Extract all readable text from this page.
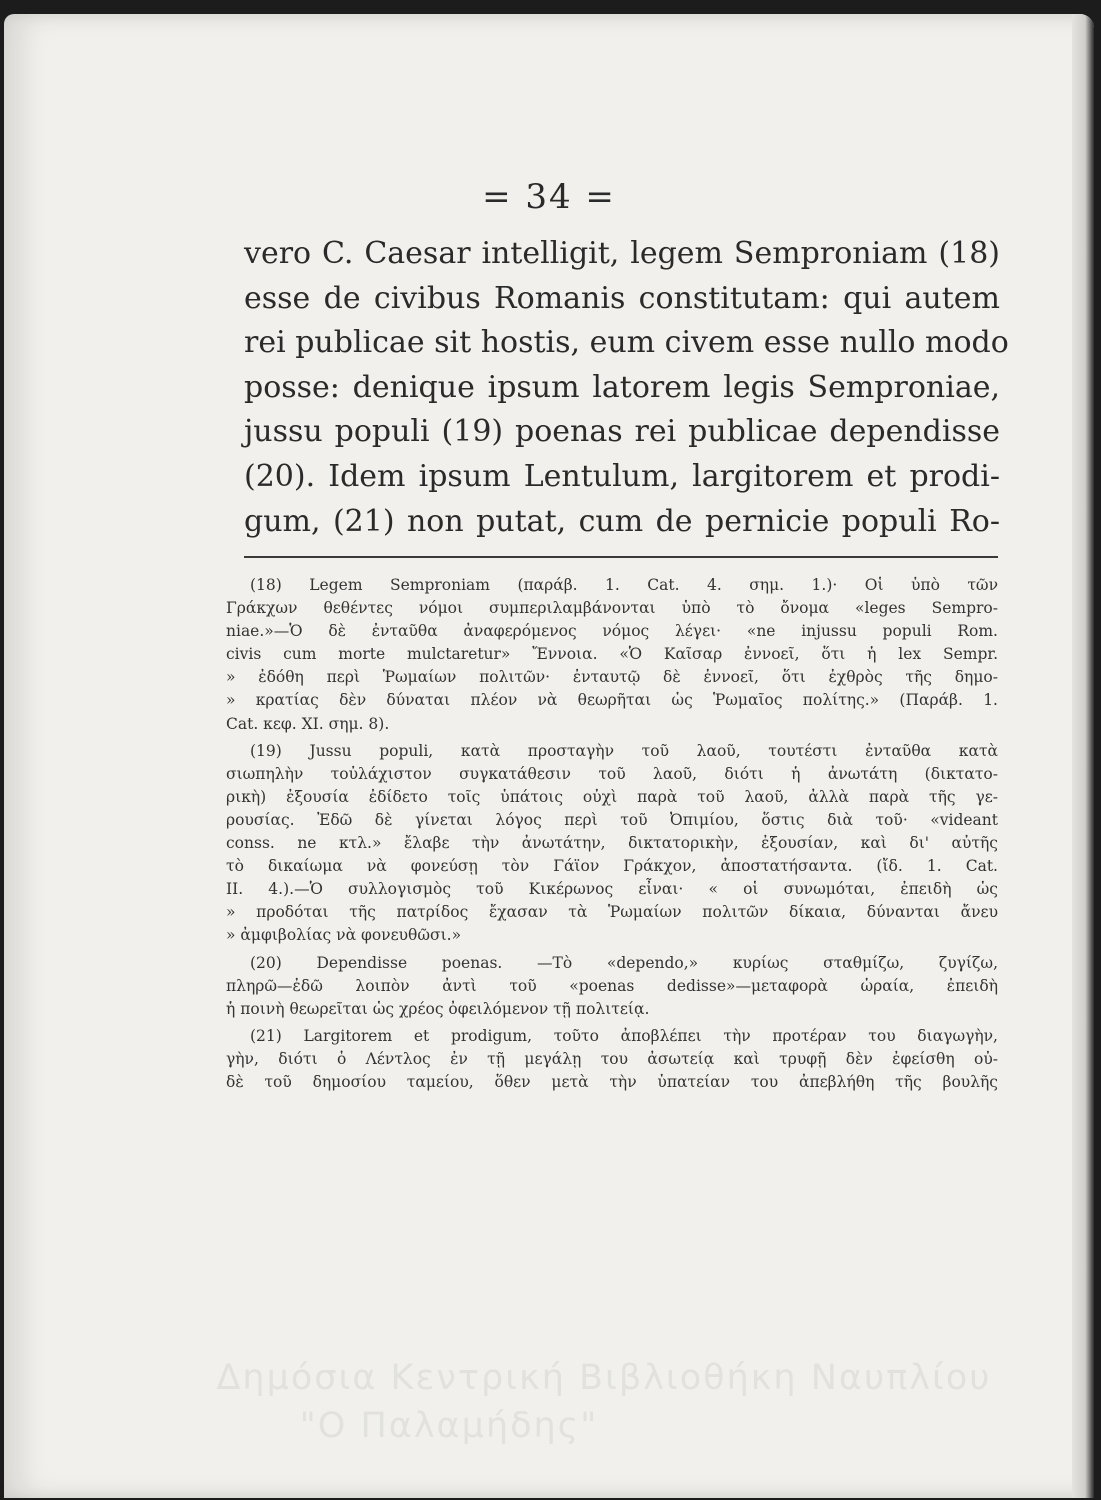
= 34 =
vero C. Caesar intelligit, legem Semproniam (18)
esse de civibus Romanis constitutam: qui autem
rei publicae sit hostis, eum civem esse nullo modo
posse: denique ipsum latorem legis Semproniae,
jussu populi (19) poenas rei publicae dependisse
(20). Idem ipsum Lentulum, largitorem et prodi-
gum, (21) non putat, cum de pernicie populi Ro-
(18) Legem Semproniam (παράβ. 1. Cat. 4. σημ. 1.)· Οἱ ὑπὸ τῶν
Γράκχων θεθέντες νόμοι συμπεριλαμβάνονται ὑπὸ τὸ ὄνομα «leges Sempro-
niae.»—Ὁ δὲ ἐνταῦθα ἀναφερόμενος νόμος λέγει· «ne injussu populi Rom.
civis cum morte mulctaretur» Ἔννοια. «Ὁ Καῖσαρ ἐννοεῖ, ὅτι ἡ lex Sempr.
» ἐδόθη περὶ Ῥωμαίων πολιτῶν· ἐνταυτῷ δὲ ἐννοεῖ, ὅτι ἐχθρὸς τῆς δημο-
» κρατίας δὲν δύναται πλέον νὰ θεωρῆται ὡς Ῥωμαῖος πολίτης.» (Παράβ. 1.
Cat. κεφ. XI. σημ. 8).
(19) Jussu populi, κατὰ προσταγὴν τοῦ λαοῦ, τουτέστι ἐνταῦθα κατὰ
σιωπηλὴν τοὐλάχιστον συγκατάθεσιν τοῦ λαοῦ, διότι ἡ ἀνωτάτη (δικτατο-
ρικὴ) ἐξουσία ἐδίδετο τοῖς ὑπάτοις οὐχὶ παρὰ τοῦ λαοῦ, ἀλλὰ παρὰ τῆς γε-
ρουσίας. Ἐδῶ δὲ γίνεται λόγος περὶ τοῦ Ὀπιμίου, ὅστις διὰ τοῦ· «videant
conss. ne κτλ.» ἔλαβε τὴν ἀνωτάτην, δικτατορικὴν, ἐξουσίαν, καὶ δι' αὐτῆς
τὸ δικαίωμα νὰ φονεύσῃ τὸν Γάϊον Γράκχον, ἀποστατήσαντα. (ἴδ. 1. Cat.
II. 4.).—Ὁ συλλογισμὸς τοῦ Κικέρωνος εἶναι· « οἱ συνωμόται, ἐπειδὴ ὡς
» προδόται τῆς πατρίδος ἔχασαν τὰ Ῥωμαίων πολιτῶν δίκαια, δύνανται ἄνευ
» ἀμφιβολίας νὰ φονευθῶσι.»
(20) Dependisse poenas. —Τὸ «dependo,» κυρίως σταθμίζω, ζυγίζω,
πληρῶ—ἐδῶ λοιπὸν ἀντὶ τοῦ «poenas dedisse»—μεταφορὰ ὡραία, ἐπειδὴ
ἡ ποινὴ θεωρεῖται ὡς χρέος ὀφειλόμενον τῇ πολιτείᾳ.
(21) Largitorem et prodigum, τοῦτο ἀποβλέπει τὴν προτέραν του διαγωγὴν,
γὴν, διότι ὁ Λέντλος ἐν τῇ μεγάλῃ του ἀσωτείᾳ καὶ τρυφῇ δὲν ἐφείσθη οὐ-
δὲ τοῦ δημοσίου ταμείου, ὅθεν μετὰ τὴν ὑπατείαν του ἀπεβλήθη τῆς βουλῆς
Δημόσια Κεντρική Βιβλιοθήκη Ναυπλίου
"Ο Παλαμήδης"
